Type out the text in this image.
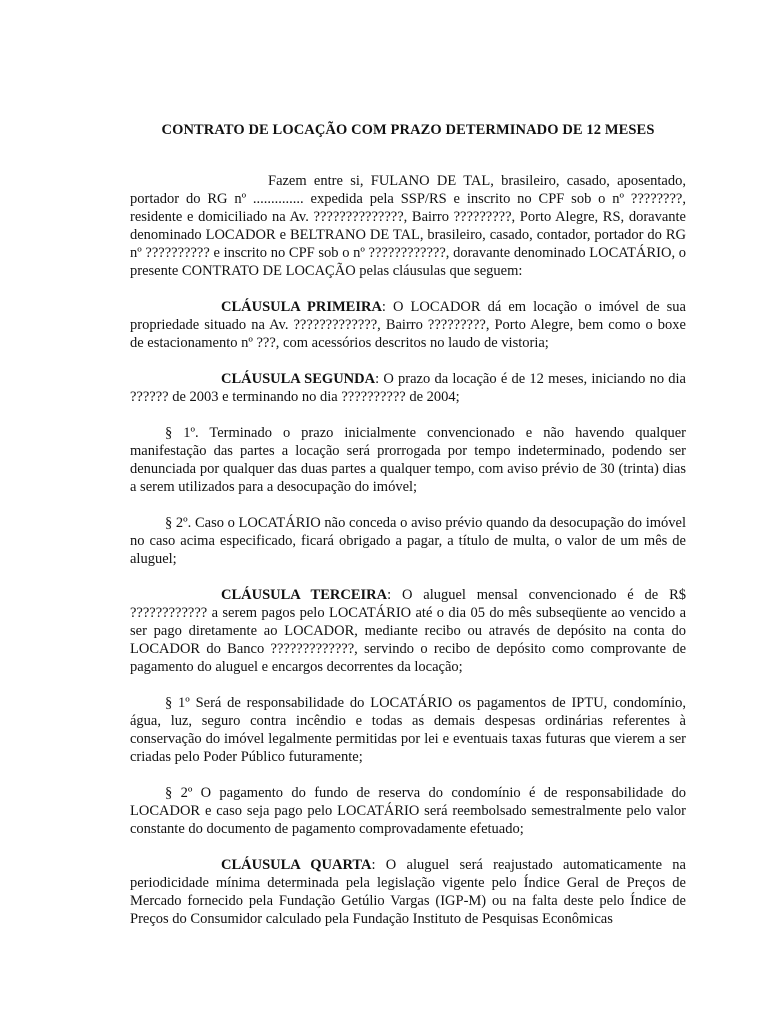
CONTRATO DE LOCAÇÃO COM PRAZO DETERMINADO DE 12 MESES

Fazem entre si, FULANO DE TAL, brasileiro, casado, aposentado, portador do RG nº .............. expedida pela SSP/RS e inscrito no CPF sob o nº ????????, residente e domiciliado na Av. ??????????????, Bairro ?????????, Porto Alegre, RS, doravante denominado LOCADOR e BELTRANO DE TAL, brasileiro, casado, contador, portador do RG nº ?????????? e inscrito no CPF sob o nº ????????????, doravante denominado LOCATÁRIO, o presente CONTRATO DE LOCAÇÃO pelas cláusulas que seguem:

CLÁUSULA PRIMEIRA: O LOCADOR dá em locação o imóvel de sua propriedade situado na Av. ?????????????, Bairro ?????????, Porto Alegre, bem como o boxe de estacionamento nº ???, com acessórios descritos no laudo de vistoria;

CLÁUSULA SEGUNDA: O prazo da locação é de 12 meses, iniciando no dia ?????? de 2003 e terminando no dia ?????????? de 2004;

§ 1º. Terminado o prazo inicialmente convencionado e não havendo qualquer manifestação das partes a locação será prorrogada por tempo indeterminado, podendo ser denunciada por qualquer das duas partes a qualquer tempo, com aviso prévio de 30 (trinta) dias a serem utilizados para a desocupação do imóvel;

§ 2º. Caso o LOCATÁRIO não conceda o aviso prévio quando da desocupação do imóvel no caso acima especificado, ficará obrigado a pagar, a título de multa, o valor de um mês de aluguel;

CLÁUSULA TERCEIRA: O aluguel mensal convencionado é de R$ ???????????? a serem pagos pelo LOCATÁRIO até o dia 05 do mês subseqüente ao vencido a ser pago diretamente ao LOCADOR, mediante recibo ou através de depósito na conta do LOCADOR do Banco ?????????????, servindo o recibo de depósito como comprovante de pagamento do aluguel e encargos decorrentes da locação;

§ 1º Será de responsabilidade do LOCATÁRIO os pagamentos de IPTU, condomínio, água, luz, seguro contra incêndio e todas as demais despesas ordinárias referentes à conservação do imóvel legalmente permitidas por lei e eventuais taxas futuras que vierem a ser criadas pelo Poder Público futuramente;

§ 2º O pagamento do fundo de reserva do condomínio é de responsabilidade do LOCADOR e caso seja pago pelo LOCATÁRIO será reembolsado semestralmente pelo valor constante do documento de pagamento comprovadamente efetuado;

CLÁUSULA QUARTA: O aluguel será reajustado automaticamente na periodicidade mínima determinada pela legislação vigente pelo Índice Geral de Preços de Mercado fornecido pela Fundação Getúlio Vargas (IGP-M) ou na falta deste pelo Índice de Preços do Consumidor calculado pela Fundação Instituto de Pesquisas Econômicas
